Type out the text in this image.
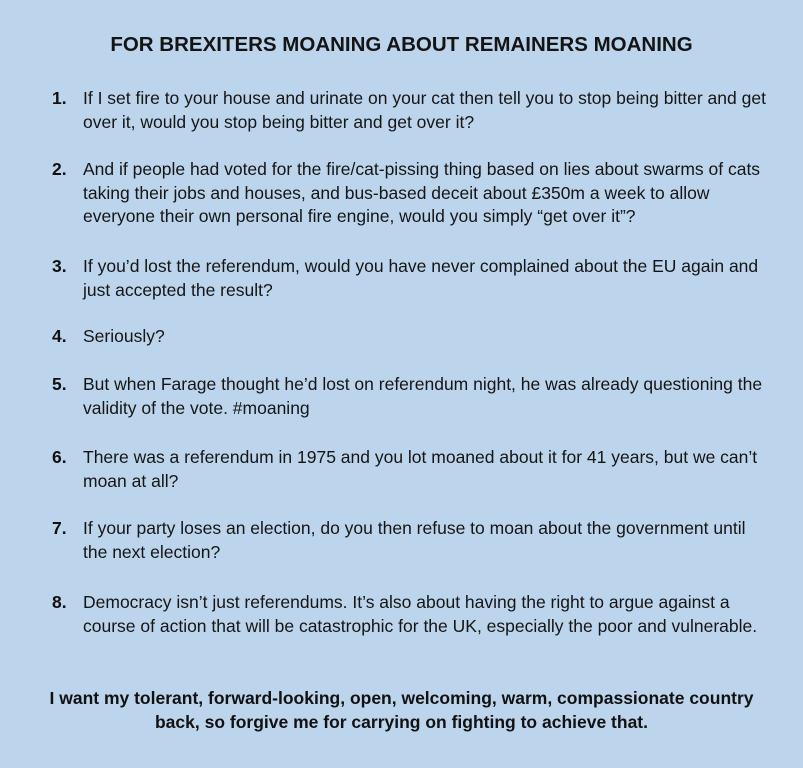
FOR BREXITERS MOANING ABOUT REMAINERS MOANING
1. If I set fire to your house and urinate on your cat then tell you to stop being bitter and get over it, would you stop being bitter and get over it?
2. And if people had voted for the fire/cat-pissing thing based on lies about swarms of cats taking their jobs and houses, and bus-based deceit about £350m a week to allow everyone their own personal fire engine, would you simply “get over it”?
3. If you’d lost the referendum, would you have never complained about the EU again and just accepted the result?
4. Seriously?
5. But when Farage thought he’d lost on referendum night, he was already questioning the validity of the vote. #moaning
6. There was a referendum in 1975 and you lot moaned about it for 41 years, but we can’t moan at all?
7. If your party loses an election, do you then refuse to moan about the government until the next election?
8. Democracy isn’t just referendums. It’s also about having the right to argue against a course of action that will be catastrophic for the UK, especially the poor and vulnerable.
I want my tolerant, forward-looking, open, welcoming, warm, compassionate country back, so forgive me for carrying on fighting to achieve that.
